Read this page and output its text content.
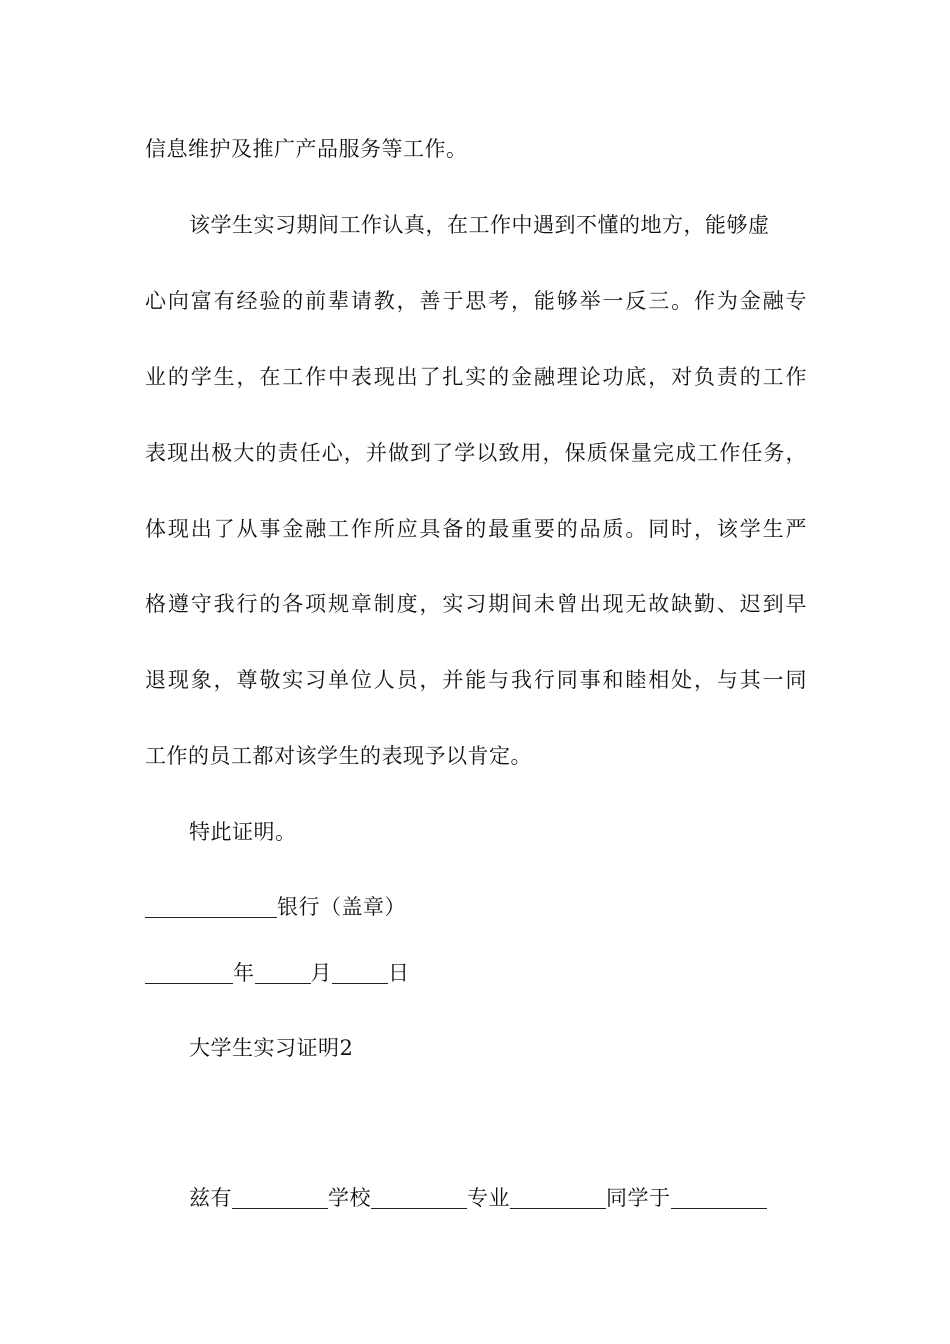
信息维护及推广产品服务等工作。
该学生实习期间工作认真，在工作中遇到不懂的地方，能够虚
心向富有经验的前辈请教，善于思考，能够举一反三。作为金融专
业的学生，在工作中表现出了扎实的金融理论功底，对负责的工作
表现出极大的责任心，并做到了学以致用，保质保量完成工作任务，
体现出了从事金融工作所应具备的最重要的品质。同时，该学生严
格遵守我行的各项规章制度，实习期间未曾出现无故缺勤、迟到早
退现象，尊敬实习单位人员，并能与我行同事和睦相处，与其一同
工作的员工都对该学生的表现予以肯定。
特此证明。
银行（盖章）
年	月	日
大学生实习证明2
兹有	学校	专业	同学于
